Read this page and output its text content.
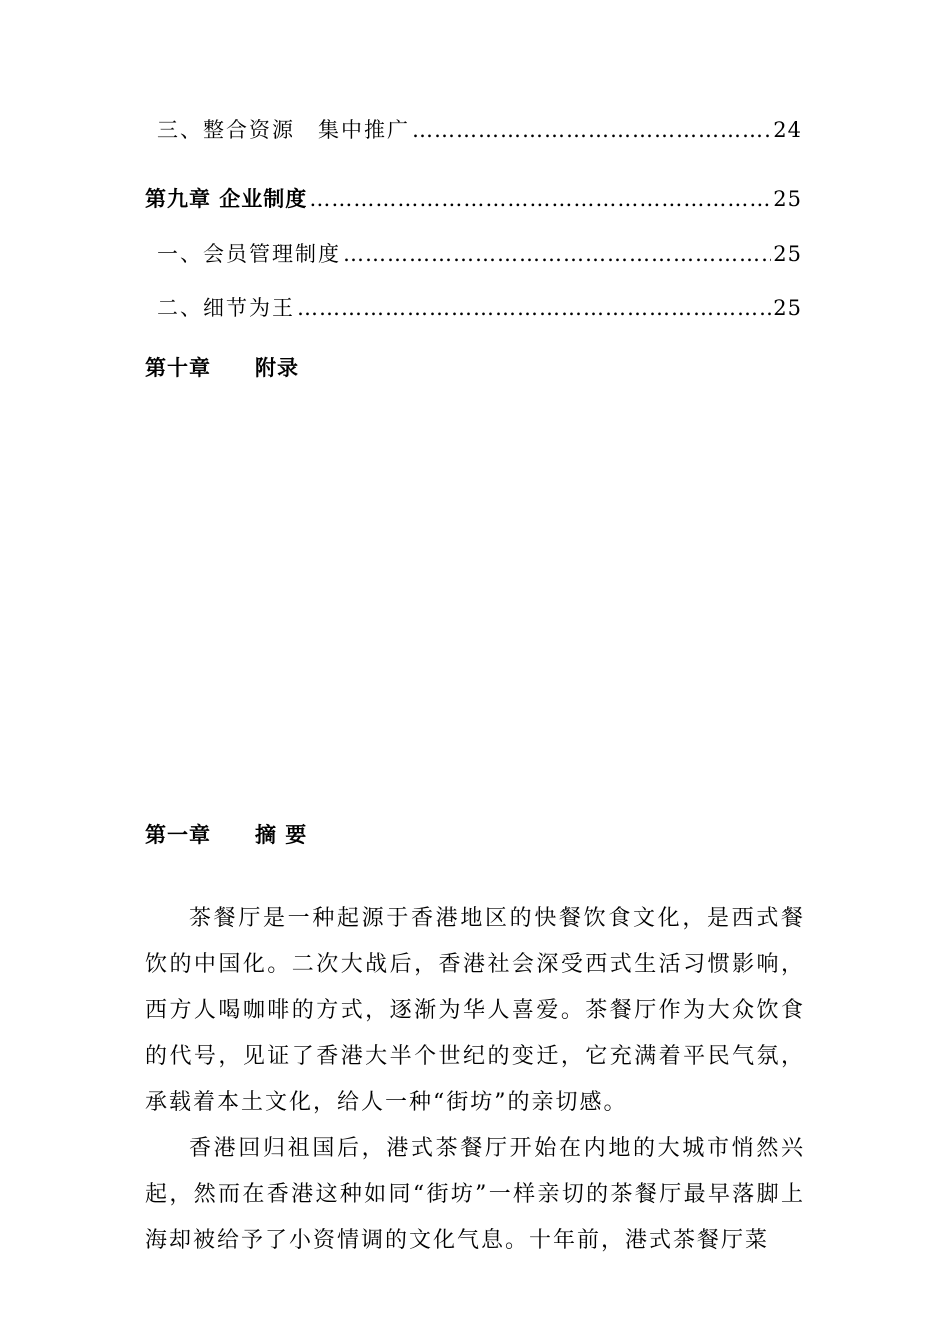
三、整合资源　集中推广 …………………………………………………………………………………………………………………………………………………………………………	24
第九章 企业制度 …………………………………………………………………………………………………………………………………………………………………………	25
一、会员管理制度 …………………………………………………………………………………………………………………………………………………………………………	25
二、细节为王 …………………………………………………………………………………………………………………………………………………………………………	25
第十章　　附录
第一章　　摘 要

茶餐厅是一种起源于香港地区的快餐饮食文化，是西式餐饮的中国化。二次大战后，香港社会深受西式生活习惯影响，西方人喝咖啡的方式，逐渐为华人喜爱。茶餐厅作为大众饮食的代号，见证了香港大半个世纪的变迁，它充满着平民气氛，承载着本土文化，给人一种“街坊”的亲切感。

香港回归祖国后，港式茶餐厅开始在内地的大城市悄然兴起，然而在香港这种如同“街坊”一样亲切的茶餐厅最早落脚上海却被给予了小资情调的文化气息。十年前，港式茶餐厅菜
